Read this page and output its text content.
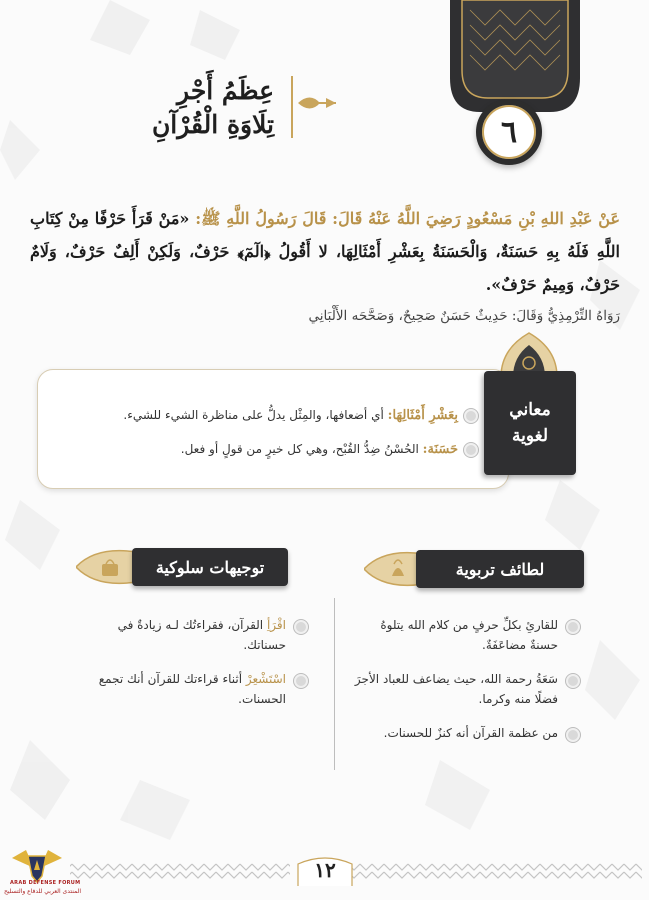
٦
عِظَمُ أَجْرِ
تِلَاوَةِ الْقُرْآنِ
عَنْ عَبْدِ اللهِ بْنِ مَسْعُودٍ رَضِيَ اللَّهُ عَنْهُ قَالَ: قَالَ رَسُولُ اللَّهِ ﷺ: «مَنْ قَرَأَ حَرْفًا مِنْ كِتَابِ اللَّهِ فَلَهُ بِهِ حَسَنَةٌ، وَالْحَسَنَةُ بِعَشْرِ أَمْثَالِهَا، لا أَقُولُ ﴿الٓمٓ﴾ حَرْفٌ، وَلَكِنْ أَلِفٌ حَرْفٌ، وَلَامٌ حَرْفٌ، وَمِيمٌ حَرْفٌ».
رَوَاهُ التِّرْمِذِيُّ وَقَالَ: حَدِيثٌ حَسَنٌ صَحِيحٌ، وَصَحَّحَه الأَلْبَانِي
بِعَشْرِ أَمْثَالِهَا: أي أضعافها، والمِثْل يدلُّ على مناظرة الشيء للشيء.
حَسَنَة: الحُسْنُ ضِدُّ القُبْح، وهي كل خيرٍ من قولٍ أو فعل.
معاني
لغوية
لطائف تربوية
للقارئِ بكلِّ حرفٍ من كلام الله يتلوهُ حسنةٌ مضاعَفَةٌ.
سَعَةُ رحمة الله، حيث يضاعف للعباد الأجرَ فضلًا منه وكرما.
من عظمة القرآن أنه كنزٌ للحسنات.
توجيهات سلوكية
اقْرَأِ القرآن، فقراءتُك لـه زيادةٌ في حسناتك.
اسْتَشْعِرْ أثناء قراءتك للقرآن أنك تجمع الحسنات.
١٢
ARAB DEFENSE FORUM
المنتدى العربي للدفاع والتسليح
